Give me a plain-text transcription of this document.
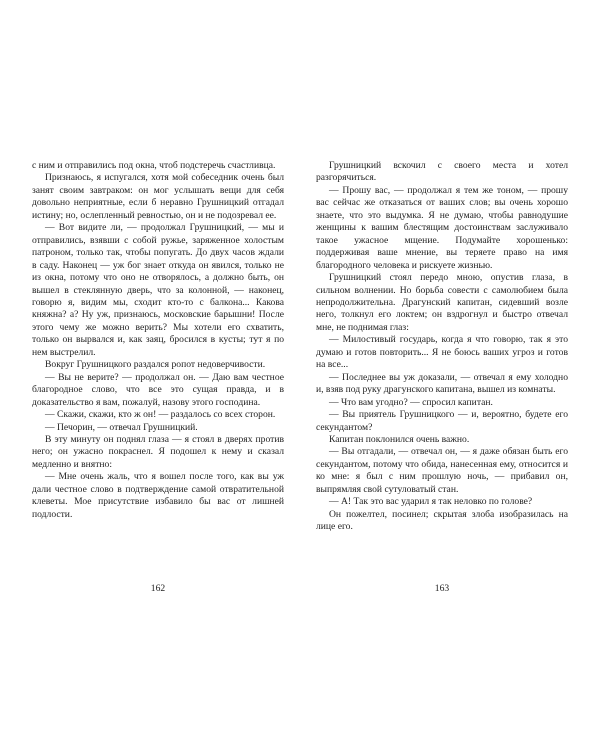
с ним и отправились под окна, чтоб подстеречь счастливца.

Признаюсь, я испугался, хотя мой собеседник очень был занят своим завтраком: он мог услышать вещи для себя довольно неприятные, если б неравно Грушницкий отгадал истину; но, ослепленный ревностью, он и не подозревал ее.

— Вот видите ли, — продолжал Грушницкий, — мы и отправились, взявши с собой ружье, заряженное холостым патроном, только так, чтобы попугать. До двух часов ждали в саду. Наконец — уж бог знает откуда он явился, только не из окна, потому что оно не отворялось, а должно быть, он вышел в стеклянную дверь, что за колонной, — наконец, говорю я, видим мы, сходит кто-то с балкона... Какова княжна? а? Ну уж, признаюсь, московские барышни! После этого чему же можно верить? Мы хотели его схватить, только он вырвался и, как заяц, бросился в кусты; тут я по нем выстрелил.

Вокруг Грушницкого раздался ропот недоверчивости.

— Вы не верите? — продолжал он. — Даю вам честное благородное слово, что все это сущая правда, и в доказательство я вам, пожалуй, назову этого господина.

— Скажи, скажи, кто ж он! — раздалось со всех сторон.

— Печорин, — отвечал Грушницкий.

В эту минуту он поднял глаза — я стоял в дверях против него; он ужасно покраснел. Я подошел к нему и сказал медленно и внятно:

— Мне очень жаль, что я вошел после того, как вы уж дали честное слово в подтверждение самой отвратительной клеветы. Мое присутствие избавило бы вас от лишней подлости.

162

Грушницкий вскочил с своего места и хотел разгорячиться.

— Прошу вас, — продолжал я тем же тоном, — прошу вас сейчас же отказаться от ваших слов; вы очень хорошо знаете, что это выдумка. Я не думаю, чтобы равнодушие женщины к вашим блестящим достоинствам заслуживало такое ужасное мщение. Подумайте хорошенько: поддерживая ваше мнение, вы теряете право на имя благородного человека и рискуете жизнью.

Грушницкий стоял передо мною, опустив глаза, в сильном волнении. Но борьба совести с самолюбием была непродолжительна. Драгунский капитан, сидевший возле него, толкнул его локтем; он вздрогнул и быстро отвечал мне, не поднимая глаз:

— Милостивый государь, когда я что говорю, так я это думаю и готов повторить... Я не боюсь ваших угроз и готов на все...

— Последнее вы уж доказали, — отвечал я ему холодно и, взяв под руку драгунского капитана, вышел из комнаты.

— Что вам угодно? — спросил капитан.

— Вы приятель Грушницкого — и, вероятно, будете его секундантом?

Капитан поклонился очень важно.

— Вы отгадали, — отвечал он, — я даже обязан быть его секундантом, потому что обида, нанесенная ему, относится и ко мне: я был с ним прошлую ночь, — прибавил он, выпрямляя свой сутуловатый стан.

— А! Так это вас ударил я так неловко по голове?

Он пожелтел, посинел; скрытая злоба изобразилась на лице его.

163
